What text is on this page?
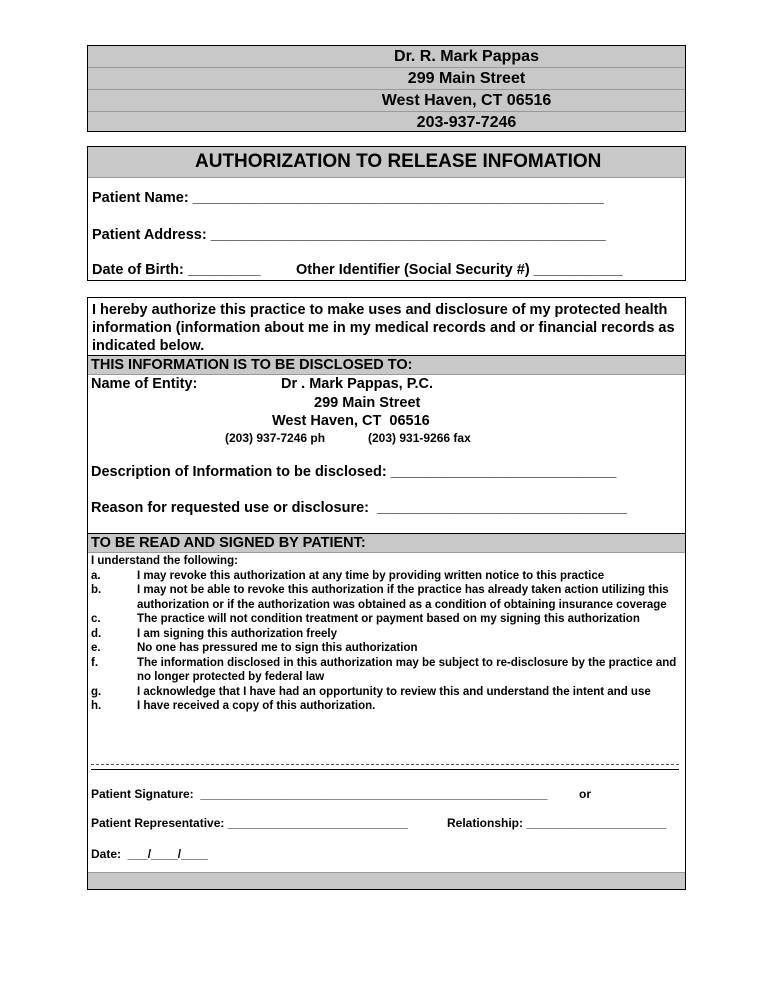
Dr. R. Mark Pappas
299 Main Street
West Haven, CT 06516
203-937-7246
AUTHORIZATION TO RELEASE INFOMATION
Patient Name: ___________________________________________________
Patient Address: _________________________________________________
Date of Birth: _________ Other Identifier (Social Security #) ___________
I hereby authorize this practice to make uses and disclosure of my protected health information (information about me in my medical records and or financial records as indicated below.
THIS INFORMATION IS TO BE DISCLOSED TO:
Name of Entity:	Dr . Mark Pappas, P.C.
299 Main Street
West Haven, CT  06516
(203) 937-7246 ph	(203) 931-9266 fax
Description of Information to be disclosed: ____________________________
Reason for requested use or disclosure:  _______________________________
TO BE READ AND SIGNED BY PATIENT:
I understand the following:
a.	I may revoke this authorization at any time by providing written notice to this practice
b.	I may not be able to revoke this authorization if the practice has already taken action utilizing this authorization or if the authorization was obtained as a condition of obtaining insurance coverage
c.	The practice will not condition treatment or payment based on my signing this authorization
d.	I am signing this authorization freely
e.	No one has pressured me to sign this authorization
f.	The information disclosed in this authorization may be subject to re-disclosure by the practice and no longer protected by federal law
g.	I acknowledge that I have had an opportunity to review this and understand the intent and use
h.	I have received a copy of this authorization.
Patient Signature:  ____________________________________________________	or
Patient Representative: ___________________________	Relationship: _____________________
Date:  ___/____/____
